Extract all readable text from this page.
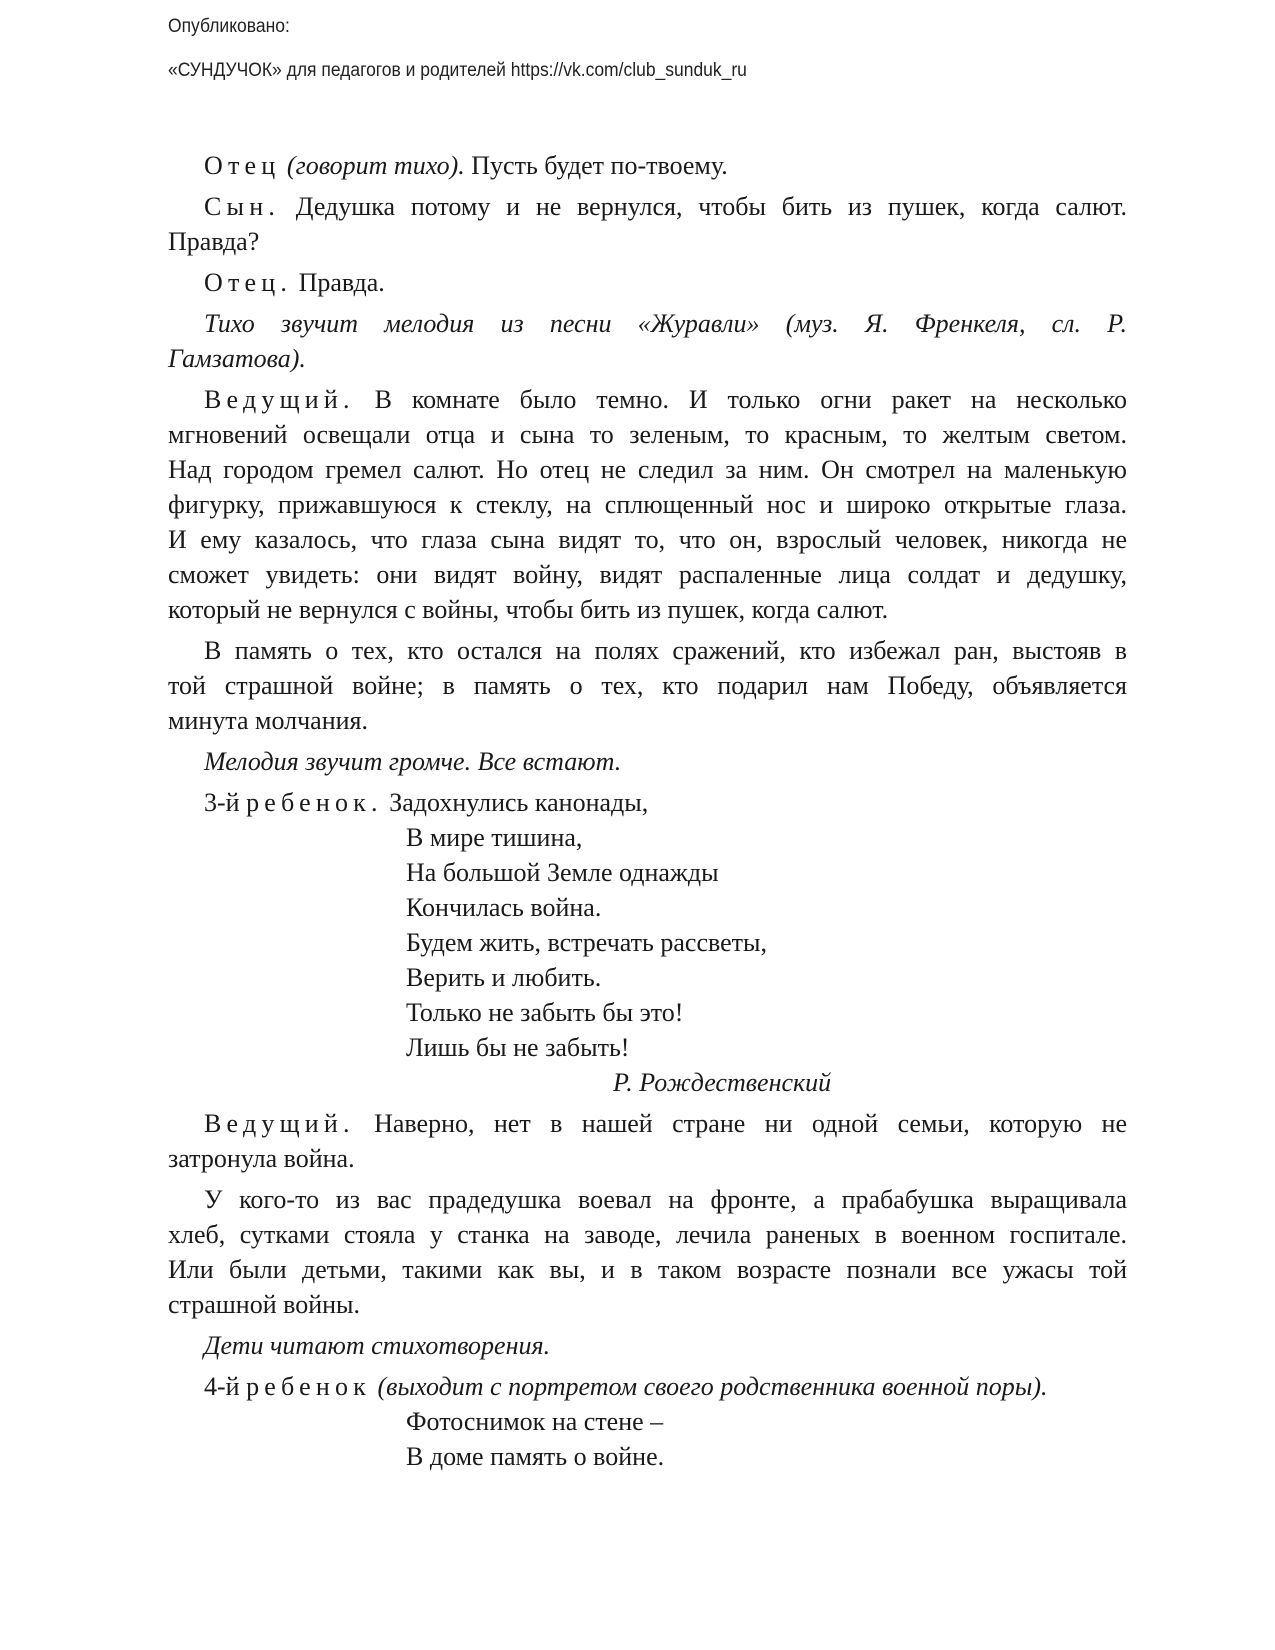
Опубликовано:
«СУНДУЧОК» для педагогов и родителей https://vk.com/club_sunduk_ru
Отец (говорит тихо). Пусть будет по-твоему.
Сын. Дедушка потому и не вернулся, чтобы бить из пушек, когда салют.
Правда?
Отец. Правда.
Тихо звучит мелодия из песни «Журавли» (муз. Я. Френкеля, сл. Р.
Гамзатова).
Ведущий. В комнате было темно. И только огни ракет на несколько
мгновений освещали отца и сына то зеленым, то красным, то желтым светом.
Над городом гремел салют. Но отец не следил за ним. Он смотрел на маленькую
фигурку, прижавшуюся к стеклу, на сплющенный нос и широко открытые глаза.
И ему казалось, что глаза сына видят то, что он, взрослый человек, никогда не
сможет увидеть: они видят войну, видят распаленные лица солдат и дедушку,
который не вернулся с войны, чтобы бить из пушек, когда салют.
В память о тех, кто остался на полях сражений, кто избежал ран, выстояв в
той страшной войне; в память о тех, кто подарил нам Победу, объявляется
минута молчания.
Мелодия звучит громче. Все встают.
3-й ребенок. Задохнулись канонады,
В мире тишина,
На большой Земле однажды
Кончилась война.
Будем жить, встречать рассветы,
Верить и любить.
Только не забыть бы это!
Лишь бы не забыть!
Р. Рождественский
Ведущий. Наверно, нет в нашей стране ни одной семьи, которую не
затронула война.
У кого-то из вас прадедушка воевал на фронте, а прабабушка выращивала
хлеб, сутками стояла у станка на заводе, лечила раненых в военном госпитале.
Или были детьми, такими как вы, и в таком возрасте познали все ужасы той
страшной войны.
Дети читают стихотворения.
4-й ребенок (выходит с портретом своего родственника военной поры).
Фотоснимок на стене –
В доме память о войне.
